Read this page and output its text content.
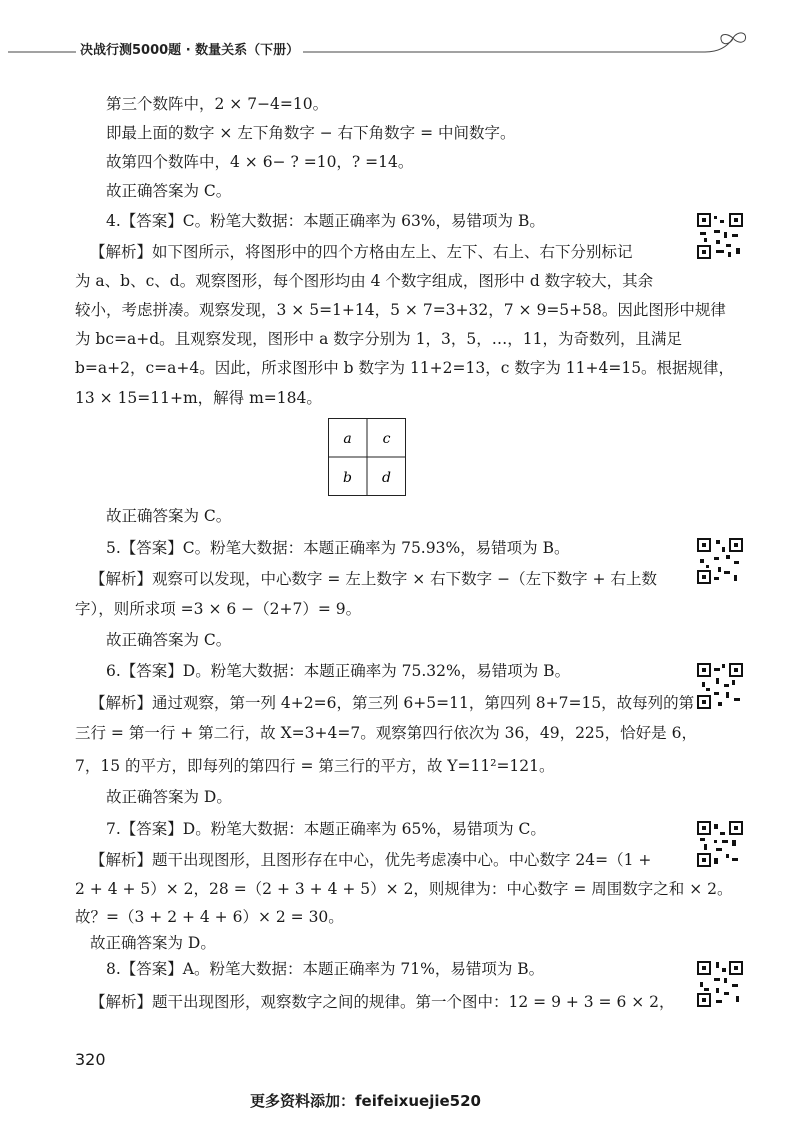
决战行测5000题 · 数量关系（下册）
第三个数阵中，2 × 7−4=10。
即最上面的数字 × 左下角数字 − 右下角数字 = 中间数字。
故第四个数阵中，4 × 6− ? =10，? =14。
故正确答案为 C。
4.【答案】C。粉笔大数据：本题正确率为 63%，易错项为 B。
【解析】如下图所示，将图形中的四个方格由左上、左下、右上、右下分别标记
为 a、b、c、d。观察图形，每个图形均由 4 个数字组成，图形中 d 数字较大，其余
较小，考虑拼凑。观察发现，3 × 5=1+14，5 × 7=3+32，7 × 9=5+58。因此图形中规律
为 bc=a+d。且观察发现，图形中 a 数字分别为 1，3，5，…，11，为奇数列，且满足
b=a+2，c=a+4。因此，所求图形中 b 数字为 11+2=13，c 数字为 11+4=15。根据规律，
13 × 15=11+m，解得 m=184。
a c
b d
故正确答案为 C。
5.【答案】C。粉笔大数据：本题正确率为 75.93%，易错项为 B。
【解析】观察可以发现，中心数字 = 左上数字 × 右下数字 −（左下数字 + 右上数
字），则所求项 =3 × 6 −（2+7）= 9。
故正确答案为 C。
6.【答案】D。粉笔大数据：本题正确率为 75.32%，易错项为 B。
【解析】通过观察，第一列 4+2=6，第三列 6+5=11，第四列 8+7=15，故每列的第
三行 = 第一行 + 第二行，故 X=3+4=7。观察第四行依次为 36，49，225，恰好是 6，
7，15 的平方，即每列的第四行 = 第三行的平方，故 Y=11²=121。
故正确答案为 D。
7.【答案】D。粉笔大数据：本题正确率为 65%，易错项为 C。
【解析】题干出现图形，且图形存在中心，优先考虑凑中心。中心数字 24=（1 +
2 + 4 + 5）× 2，28 =（2 + 3 + 4 + 5）× 2，则规律为：中心数字 = 周围数字之和 × 2。
故？=（3 + 2 + 4 + 6）× 2 = 30。
故正确答案为 D。
8.【答案】A。粉笔大数据：本题正确率为 71%，易错项为 B。
【解析】题干出现图形，观察数字之间的规律。第一个图中：12 = 9 + 3 = 6 × 2，
320
更多资料添加：feifeixuejie520
